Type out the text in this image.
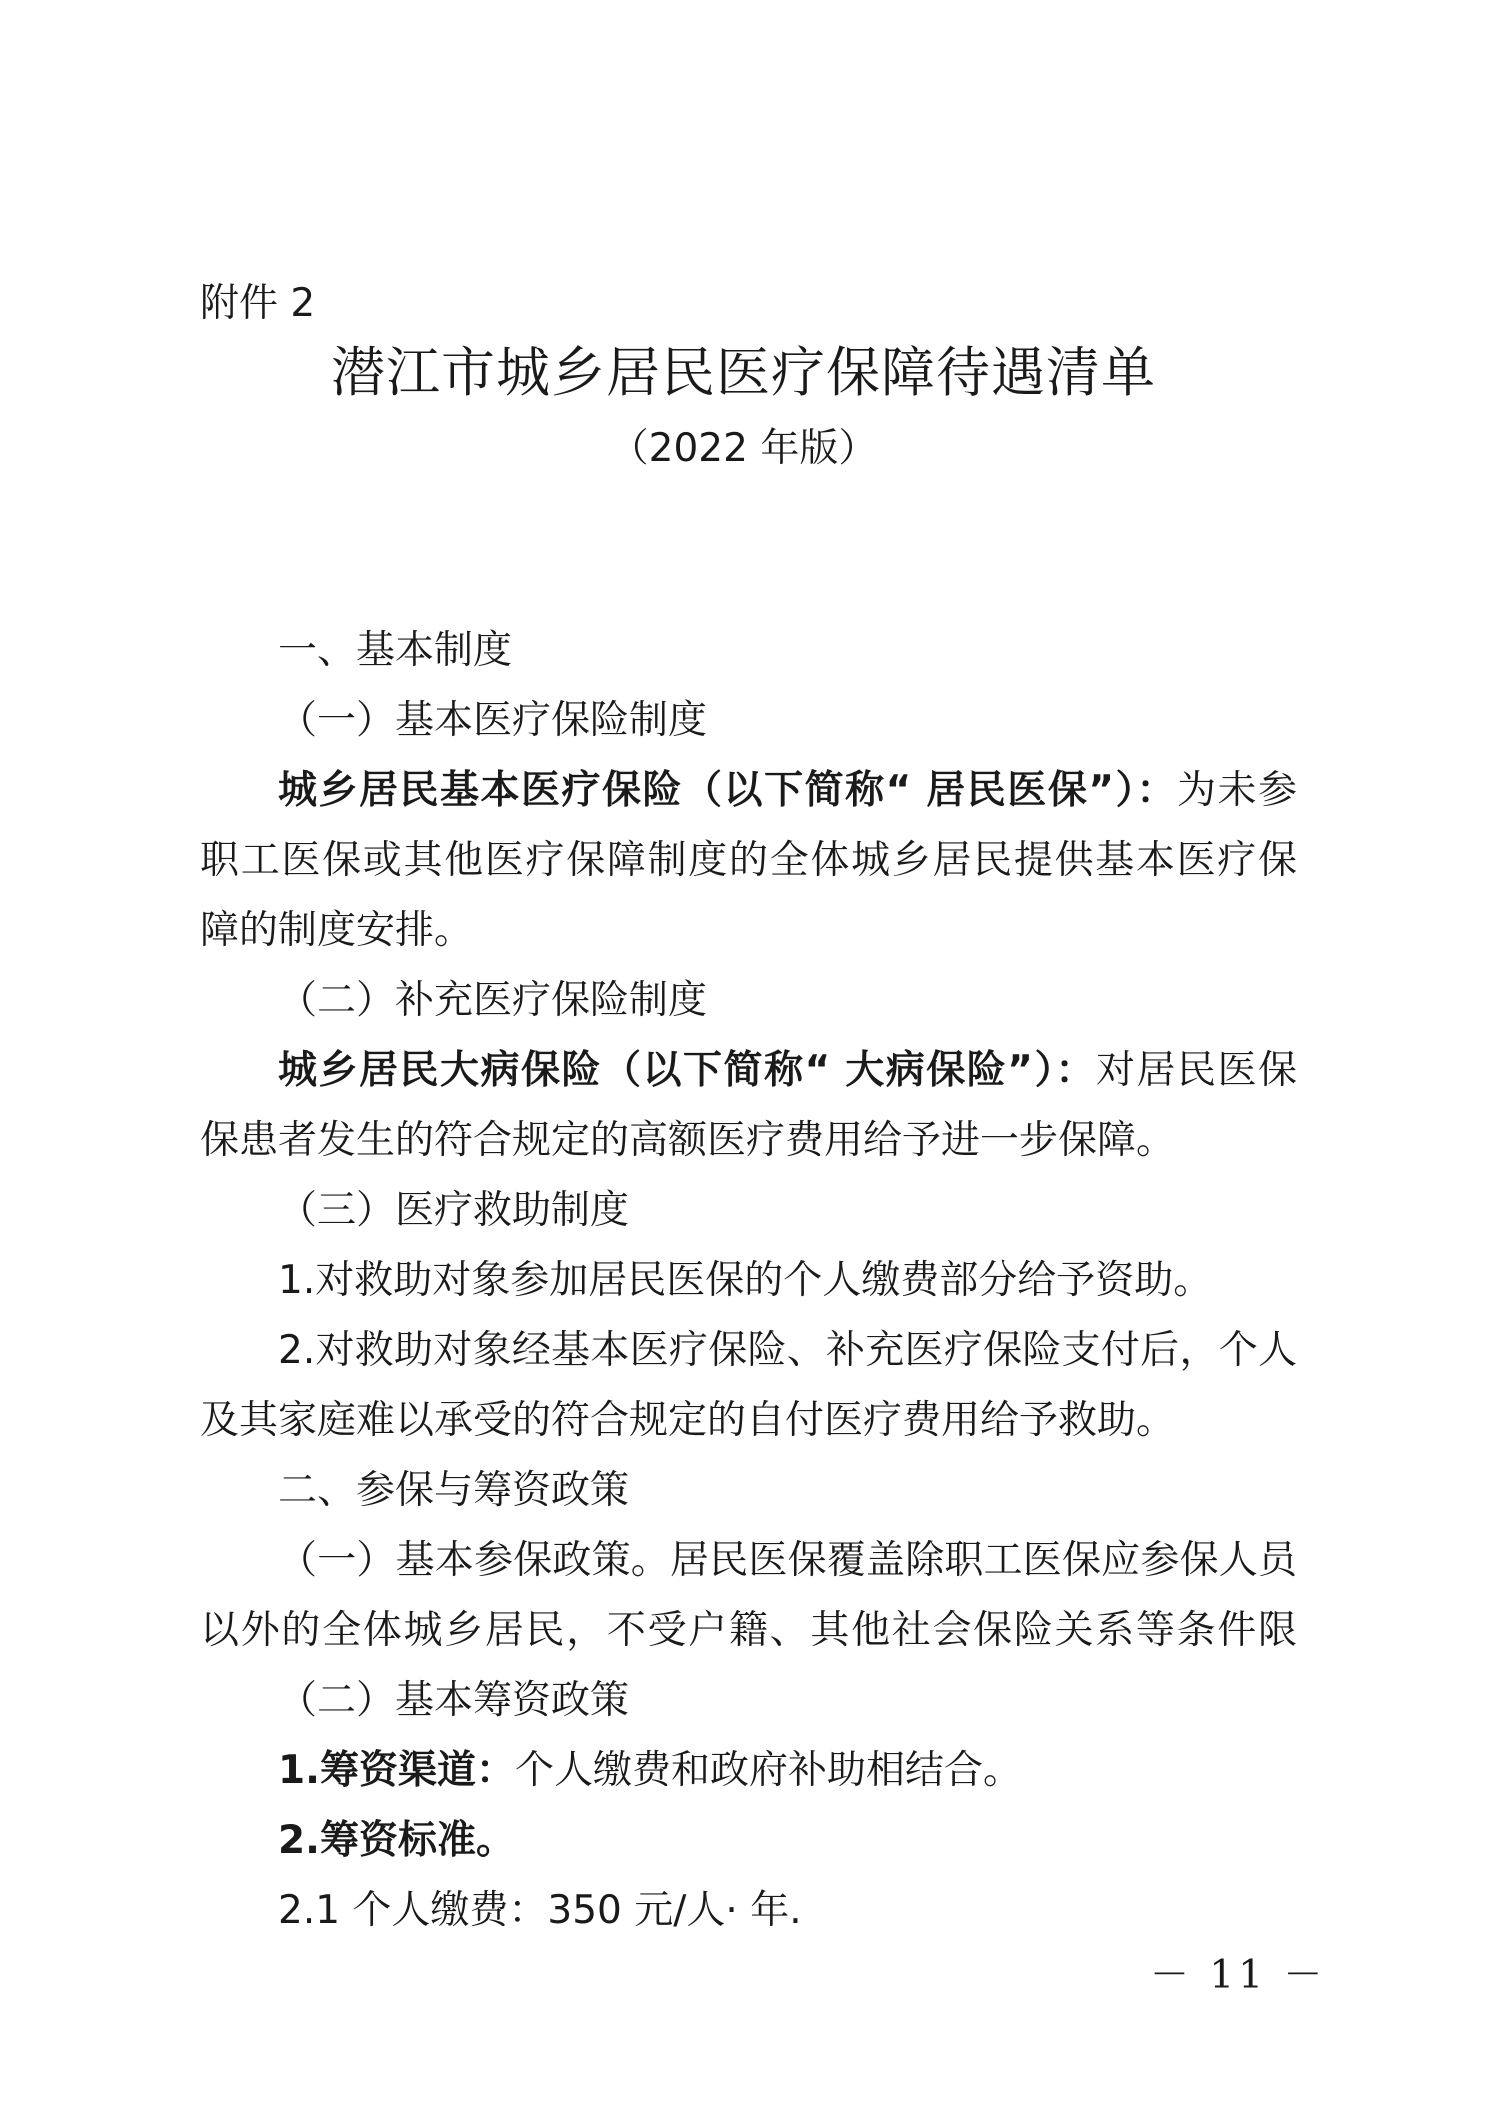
附件 2

潜江市城乡居民医疗保障待遇清单

（2022 年版）

一、基本制度

（一）基本医疗保险制度

城乡居民基本医疗保险（以下简称“ 居民医保”）：为未参

职工医保或其他医疗保障制度的全体城乡居民提供基本医疗保

障的制度安排。

（二）补充医疗保险制度

城乡居民大病保险（以下简称“ 大病保险”）：对居民医保

保患者发生的符合规定的高额医疗费用给予进一步保障。

（三）医疗救助制度

1.对救助对象参加居民医保的个人缴费部分给予资助。

2.对救助对象经基本医疗保险、补充医疗保险支付后，个人

及其家庭难以承受的符合规定的自付医疗费用给予救助。

二、参保与筹资政策

（一）基本参保政策。居民医保覆盖除职工医保应参保人员

以外的全体城乡居民，不受户籍、其他社会保险关系等条件限

（二）基本筹资政策

1.筹资渠道：个人缴费和政府补助相结合。

2.筹资标准。

2.1 个人缴费：350 元/人· 年.

－ 11 －
